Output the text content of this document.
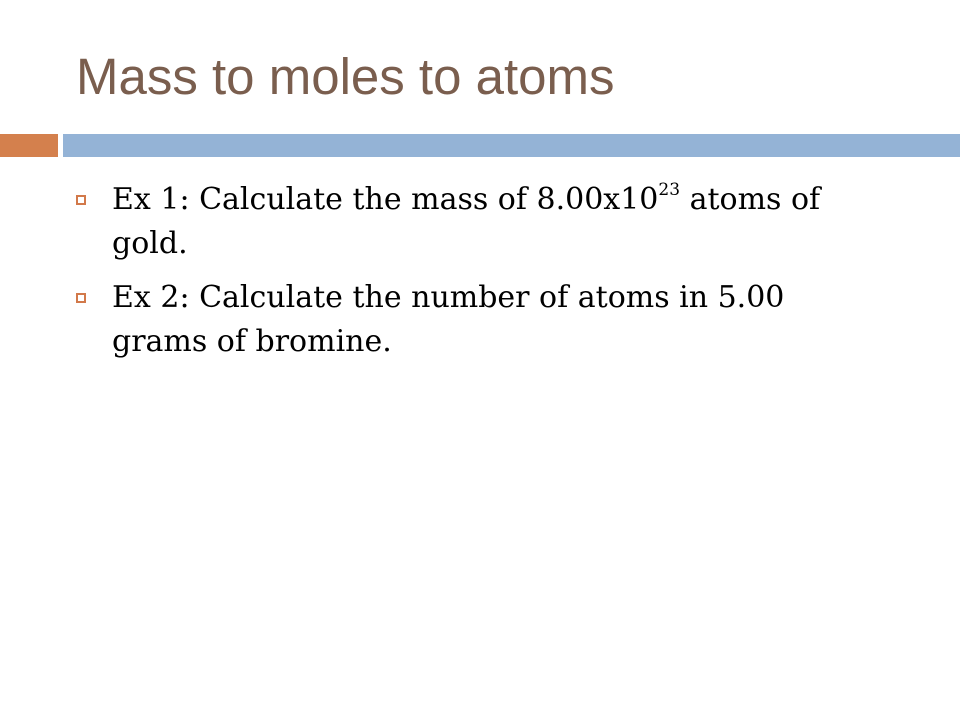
Mass to moles to atoms
Ex 1: Calculate the mass of $8.00x10^{23}$ atoms of gold.
Ex 2: Calculate the number of atoms in 5.00 grams of bromine.
